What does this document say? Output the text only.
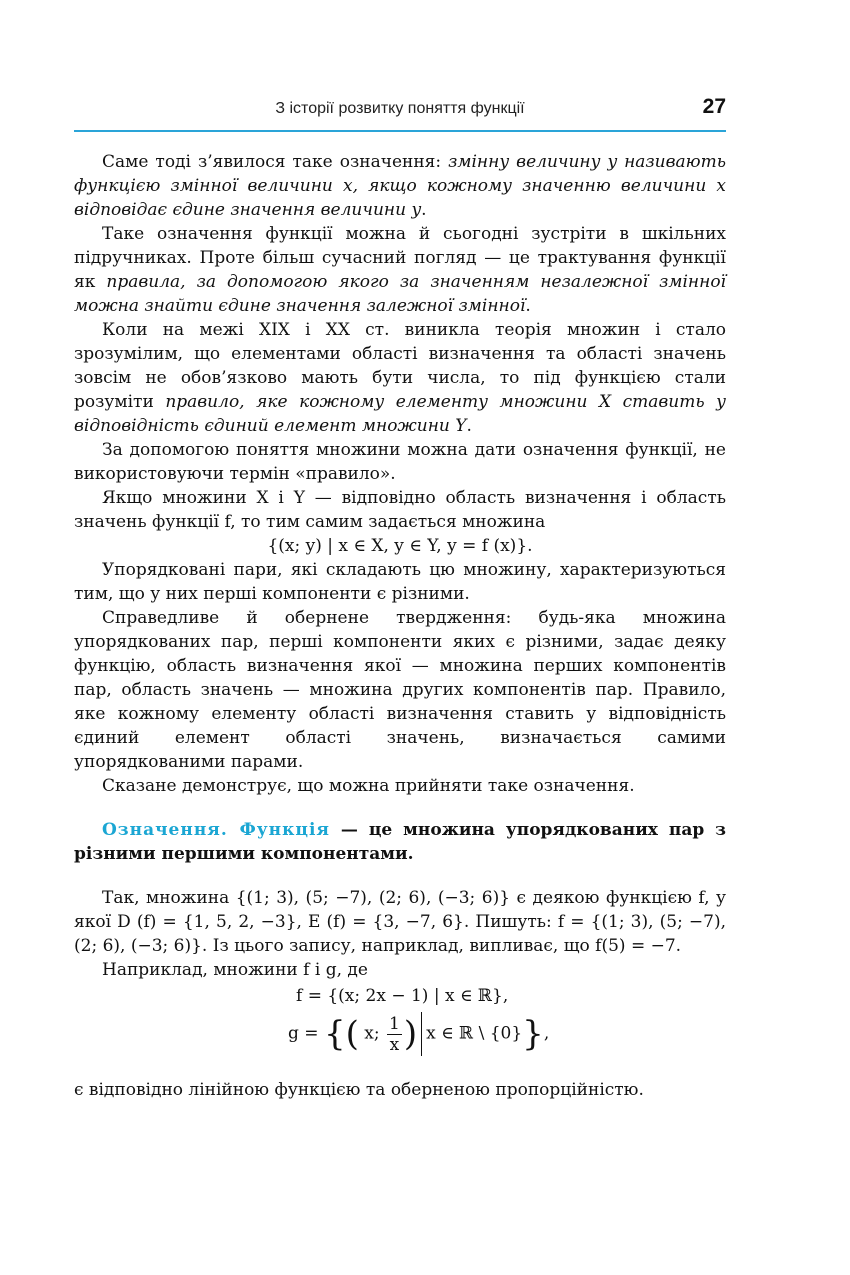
З історії розвитку поняття функції	27

Саме тоді з’явилося таке означення: змінну величину y називають функцією змінної величини x, якщо кожному значенню величини x відповідає єдине значення величини y.

Таке означення функції можна й сьогодні зустріти в шкільних підручниках. Проте більш сучасний погляд — це трактування функції як правила, за допомогою якого за значенням незалежної змінної можна знайти єдине значення залежної змінної.

Коли на межі XIX і XX ст. виникла теорія множин і стало зрозумілим, що елементами області визначення та області значень зовсім не обов’язково мають бути числа, то під функцією стали розуміти правило, яке кожному елементу множини X ставить у відповідність єдиний елемент множини Y.

За допомогою поняття множини можна дати означення функції, не використовуючи термін «правило».

Якщо множини X і Y — відповідно область визначення і область значень функції f, то тим самим задається множина

{(x; y) | x ∈ X, y ∈ Y, y = f (x)}.

Упорядковані пари, які складають цю множину, характеризуються тим, що у них перші компоненти є різними.

Справедливе й обернене твердження: будь-яка множина упорядкованих пар, перші компоненти яких є різними, задає деяку функцію, область визначення якої — множина перших компонентів пар, область значень — множина других компонентів пар. Правило, яке кожному елементу області визначення ставить у відповідність єдиний елемент області значень, визначається самими упорядкованими парами.

Сказане демонструє, що можна прийняти таке означення.

Означення. Функція — це множина упорядкованих пар з різними першими компонентами.

Так, множина {(1; 3), (5; −7), (2; 6), (−3; 6)} є деякою функцією f, у якої D (f) = {1, 5, 2, −3}, E (f) = {3, −7, 6}. Пишуть: f = {(1; 3), (5; −7), (2; 6), (−3; 6)}. Із цього запису, наприклад, випливає, що f(5) = −7.

Наприклад, множини f і g, де

f = {(x; 2x − 1) | x ∈ ℝ},
g = {( x; $\frac{1}{x}$ ) x ∈ ℝ \ {0}},

є відповідно лінійною функцією та оберненою пропорційністю.
